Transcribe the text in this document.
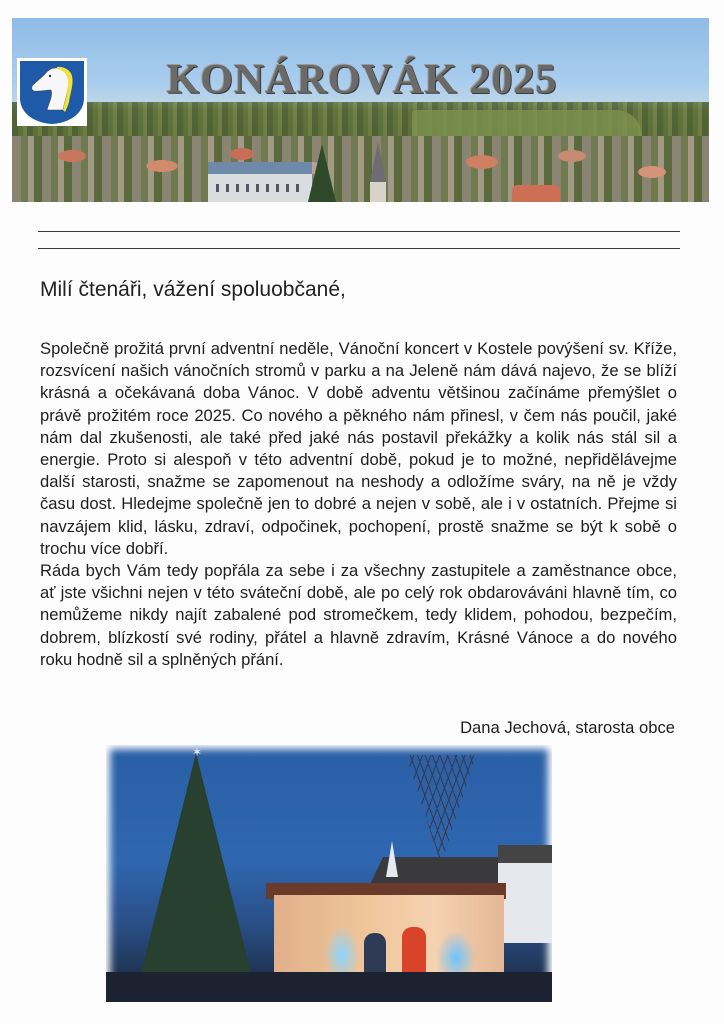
KONÁROVÁK 2025
Milí čtenáři, vážení spoluobčané,

Společně prožitá první adventní neděle, Vánoční koncert v Kostele povýšení sv. Kříže, rozsvícení našich vánočních stromů v parku a na Jeleně nám dává najevo, že se blíží krásná a očekávaná doba Vánoc. V době adventu většinou začínáme přemýšlet o právě prožitém roce 2025. Co nového a pěkného nám přinesl, v čem nás poučil, jaké nám dal zkušenosti, ale také před jaké nás postavil překážky a kolik nás stál sil a energie. Proto si alespoň v této adventní době, pokud je to možné, nepřidělávejme další starosti, snažme se zapomenout na neshody a odložíme sváry, na ně je vždy času dost. Hledejme společně jen to dobré a nejen v sobě, ale i v ostatních. Přejme si navzájem klid, lásku, zdraví, odpočinek, pochopení, prostě snažme se být k sobě o trochu více dobří.

Ráda bych Vám tedy popřála za sebe i za všechny zastupitele a zaměstnance obce, ať jste všichni nejen v této sváteční době, ale po celý rok obdarováváni hlavně tím, co nemůžeme nikdy najít zabalené pod stromečkem, tedy klidem, pohodou, bezpečím, dobrem, blízkostí své rodiny, přátel a hlavně zdravím, Krásné Vánoce a do nového roku hodně sil a splněných přání.

Dana Jechová, starosta obce
✶
